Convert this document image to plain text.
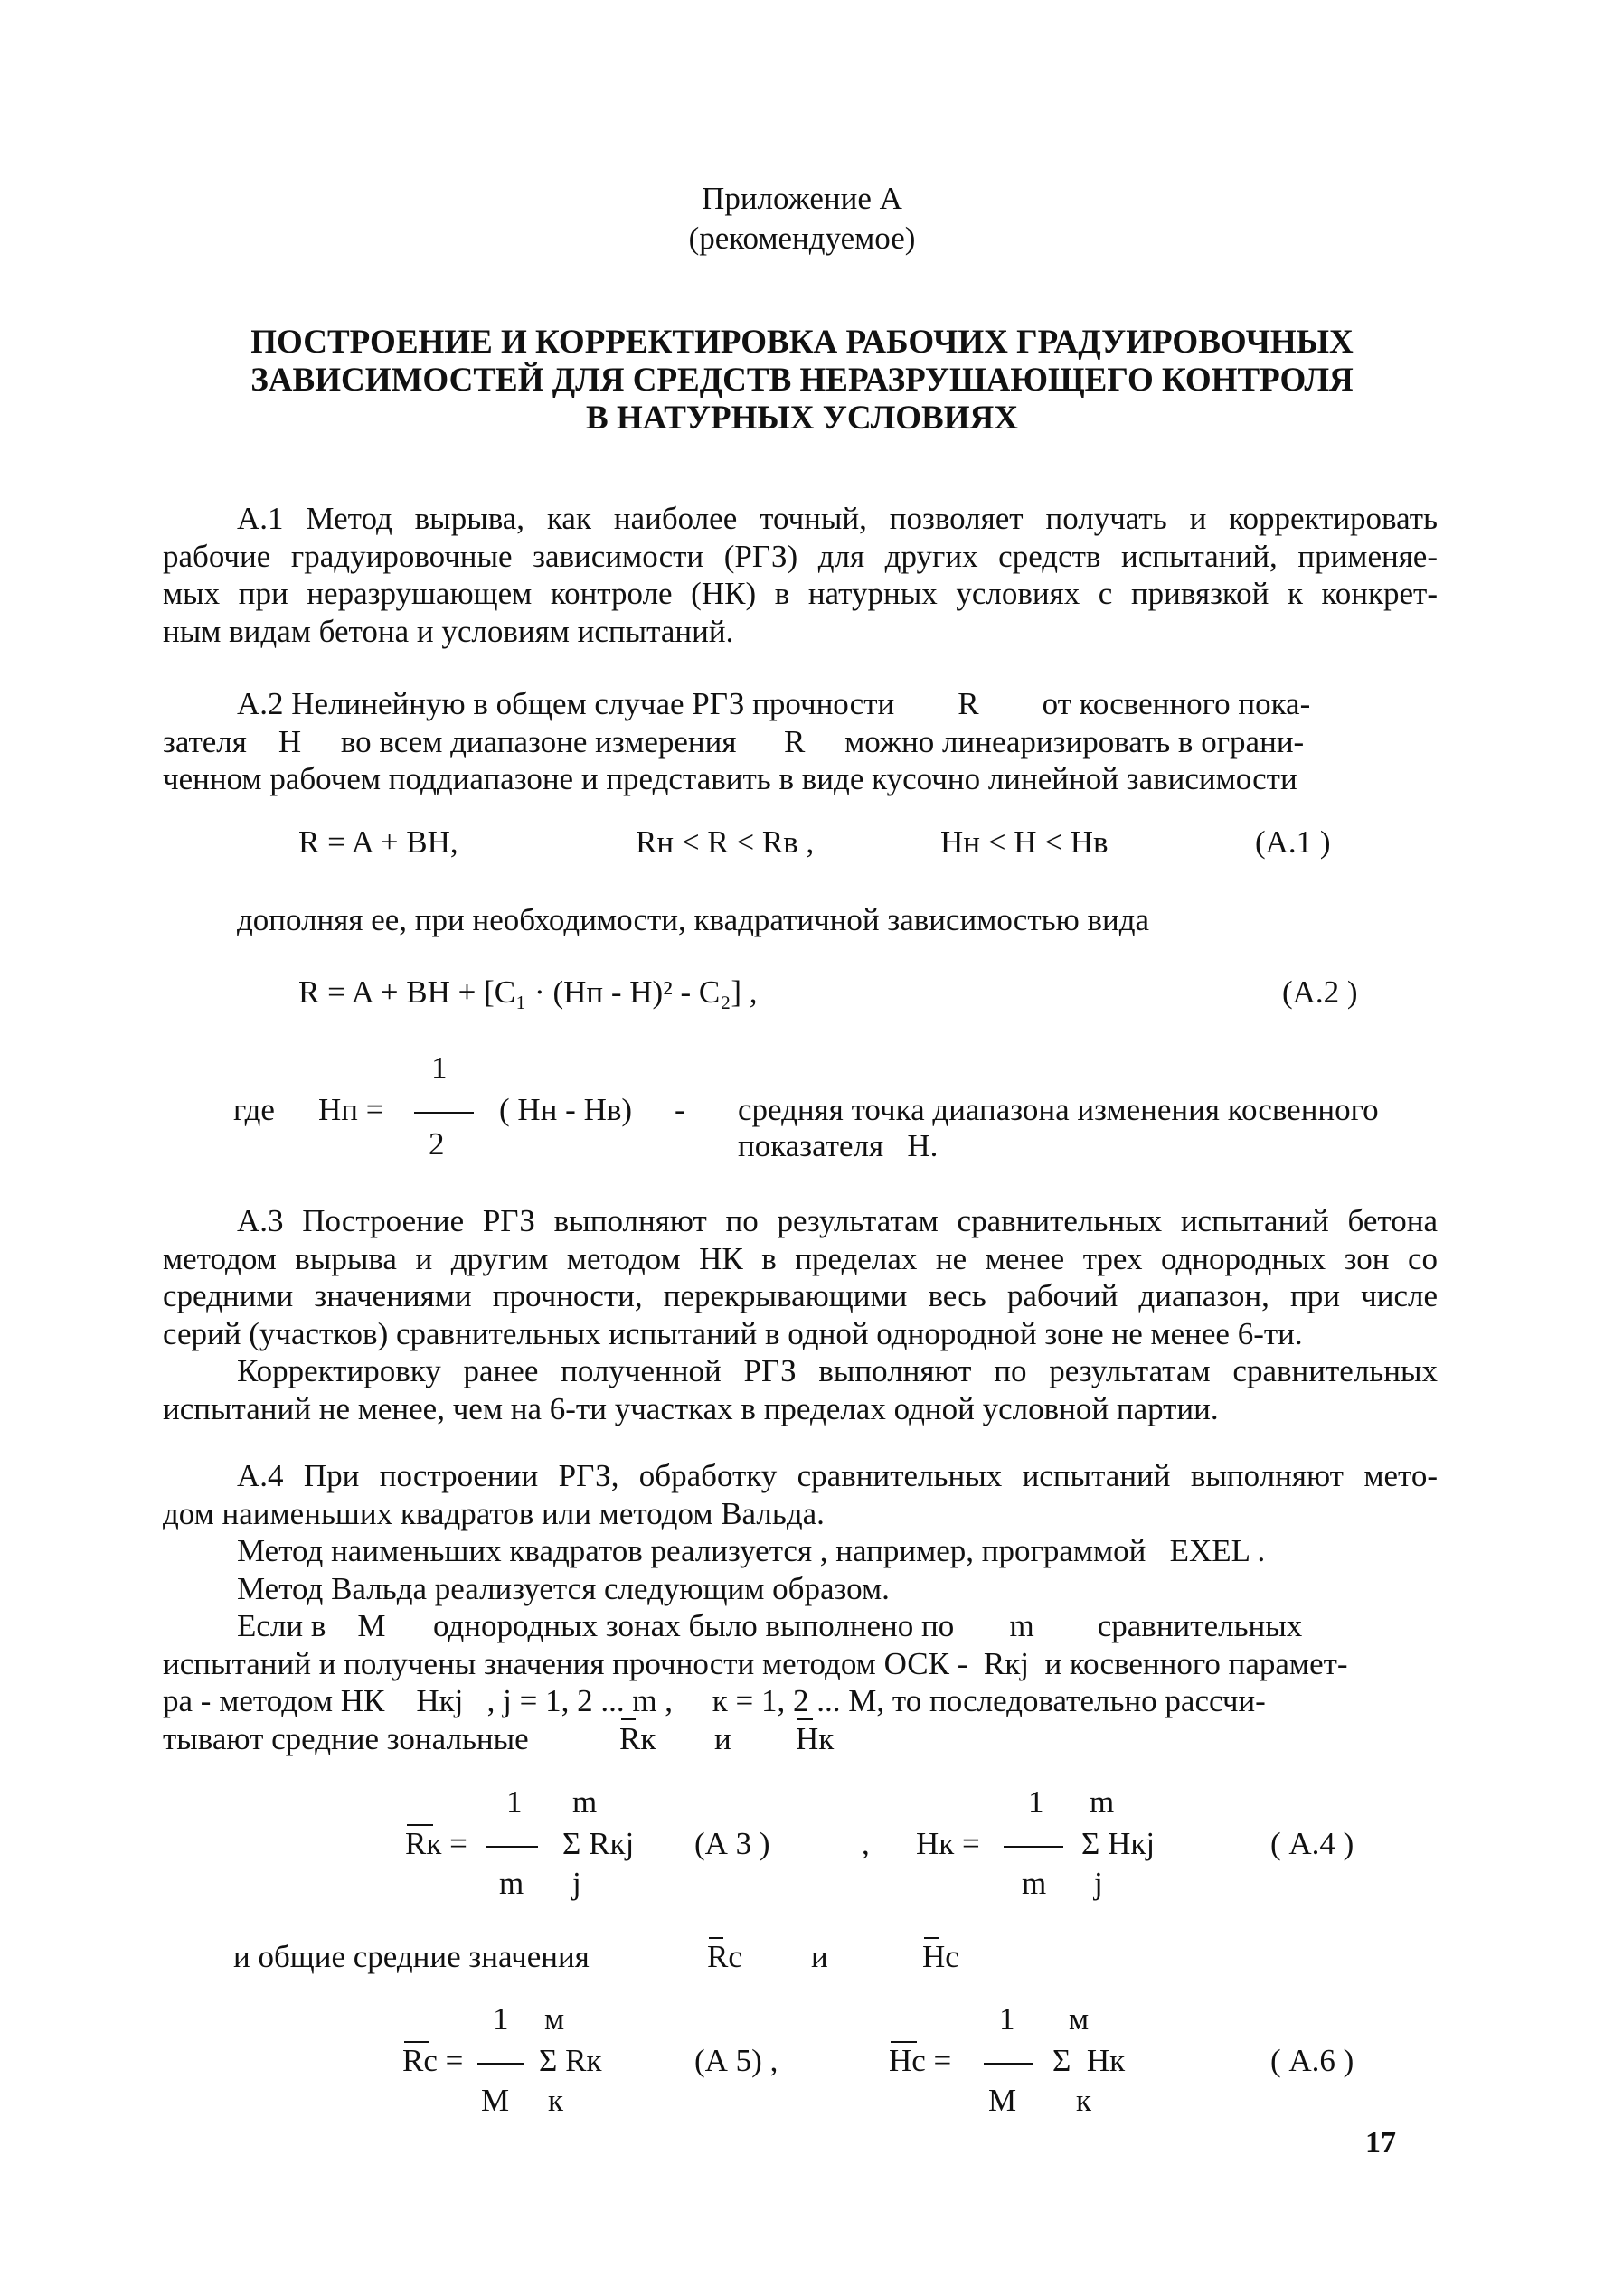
Приложение А
(рекомендуемое)
ПОСТРОЕНИЕ И КОРРЕКТИРОВКА РАБОЧИХ ГРАДУИРОВОЧНЫХ
ЗАВИСИМОСТЕЙ ДЛЯ СРЕДСТВ НЕРАЗРУШАЮЩЕГО КОНТРОЛЯ
В НАТУРНЫХ УСЛОВИЯХ
А.1 Метод вырыва, как наиболее точный, позволяет получать и корректировать
рабочие градуировочные зависимости (РГЗ) для других средств испытаний, применяе-
мых при неразрушающем контроле (НК) в натурных условиях с привязкой к конкрет-
ным видам бетона и условиям испытаний.
А.2 Нелинейную в общем случае РГЗ прочности        R        от косвенного пока-
зателя    Н     во всем диапазоне измерения      R     можно линеаризировать в ограни-
ченном рабочем поддиапазоне и представить в виде кусочно линейной зависимости
R = A + BH,	Rн < R < Rв ,	Нн < Н < Нв	(А.1 )
дополняя ее, при необходимости, квадратичной зависимостью вида
R = A + BH + [C₁ · (Нп - Н)² - С₂] ,	(А.2 )
где Нп =
1
2
( Нн - Нв) - средняя точка диапазона изменения косвенного
показателя   Н.
А.3 Построение РГЗ выполняют по результатам сравнительных испытаний бетона
методом вырыва и другим методом НК в пределах не менее трех однородных зон со
средними значениями прочности, перекрывающими весь рабочий диапазон, при числе
серий (участков) сравнительных испытаний в одной однородной зоне не менее 6-ти.
Корректировку ранее полученной РГЗ выполняют по результатам сравнительных
испытаний не менее, чем на 6-ти участках в пределах одной условной партии.
А.4 При построении РГЗ, обработку сравнительных испытаний выполняют мето-
дом наименьших квадратов или методом Вальда.
Метод наименьших квадратов реализуется , например, программой   EXEL .
Метод Вальда реализуется следующим образом.
Если в    М      однородных зонах было выполнено по       m        сравнительных
испытаний и получены значения прочности методом ОСК -  Rкj  и косвенного парамет-
ра - методом НК    Нкj   , j = 1, 2 ... m ,     к = 1, 2 ... М, то последовательно рассчи-
тывают средние зональные	Rк и Нк
Rк =
1
m
m
Σ Rкj
j
(А 3 )	, Нк =
1
m
m
Σ Нкj
j
( А.4 )
и общие средние значения	Rc и	Нс
Rc =
1
М
м
Σ Rк
к
(А 5) ,	Нс =
1
М
м
Σ  Нк
к
( А.6 )
17
